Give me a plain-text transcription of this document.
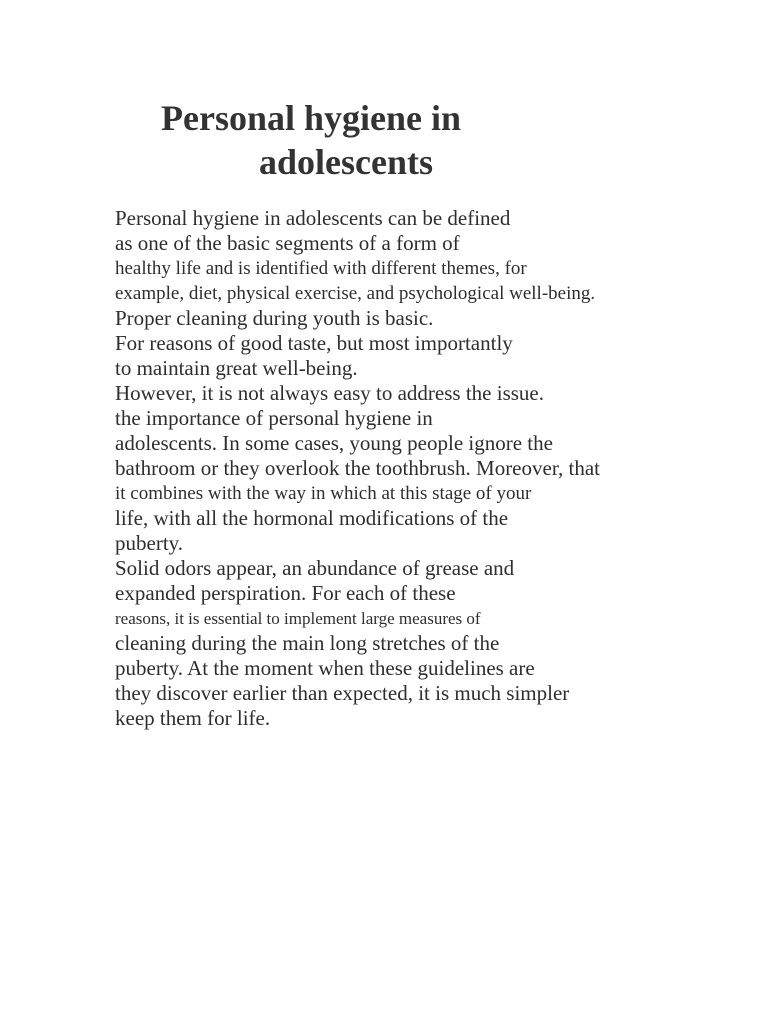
Personal hygiene in
adolescents
Personal hygiene in adolescents can be defined
as one of the basic segments of a form of
healthy life and is identified with different themes, for
example, diet, physical exercise, and psychological well-being.
Proper cleaning during youth is basic.
For reasons of good taste, but most importantly
to maintain great well-being.
However, it is not always easy to address the issue.
the importance of personal hygiene in
adolescents. In some cases, young people ignore the
bathroom or they overlook the toothbrush. Moreover, that
it combines with the way in which at this stage of your
life, with all the hormonal modifications of the
puberty.
Solid odors appear, an abundance of grease and
expanded perspiration. For each of these
reasons, it is essential to implement large measures of
cleaning during the main long stretches of the
puberty. At the moment when these guidelines are
they discover earlier than expected, it is much simpler
keep them for life.
